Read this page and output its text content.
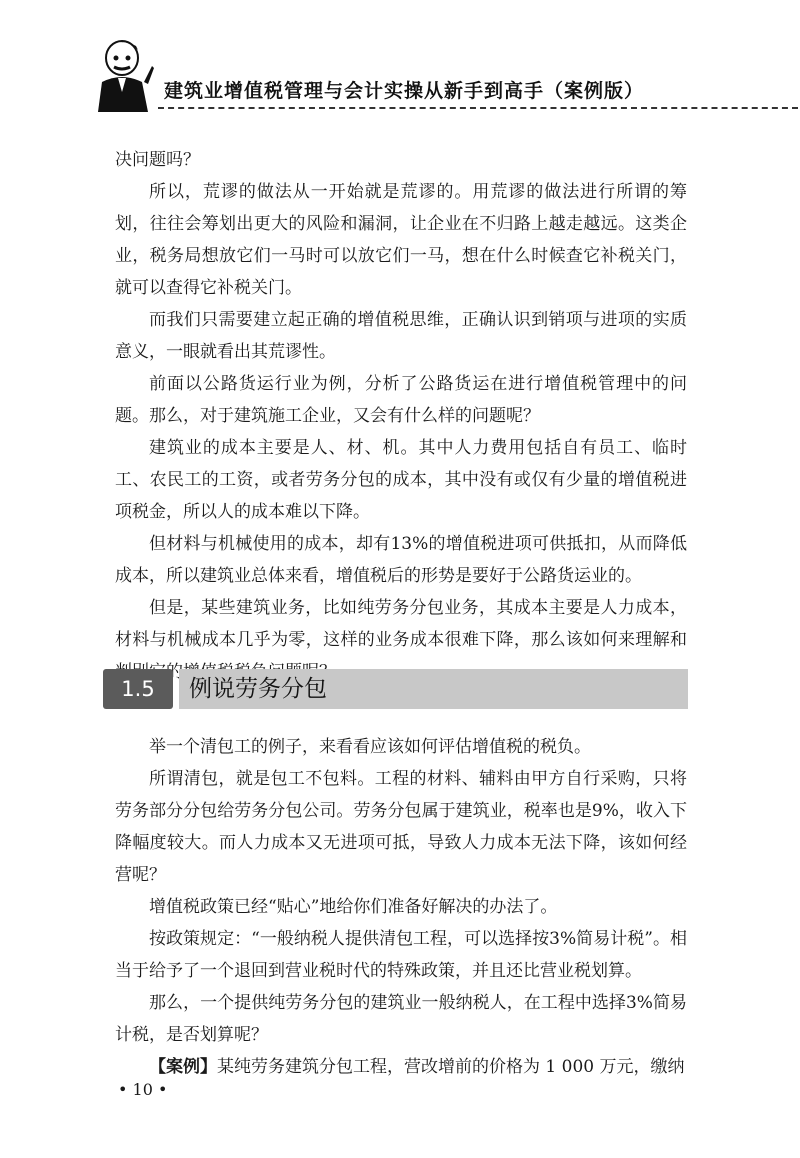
建筑业增值税管理与会计实操从新手到高手（案例版）

决问题吗？

所以，荒谬的做法从一开始就是荒谬的。用荒谬的做法进行所谓的筹划，往往会筹划出更大的风险和漏洞，让企业在不归路上越走越远。这类企业，税务局想放它们一马时可以放它们一马，想在什么时候查它补税关门，就可以查得它补税关门。

而我们只需要建立起正确的增值税思维，正确认识到销项与进项的实质意义，一眼就看出其荒谬性。

前面以公路货运行业为例，分析了公路货运在进行增值税管理中的问题。那么，对于建筑施工企业，又会有什么样的问题呢？

建筑业的成本主要是人、材、机。其中人力费用包括自有员工、临时工、农民工的工资，或者劳务分包的成本，其中没有或仅有少量的增值税进项税金，所以人的成本难以下降。

但材料与机械使用的成本，却有13%的增值税进项可供抵扣，从而降低成本，所以建筑业总体来看，增值税后的形势是要好于公路货运业的。

但是，某些建筑业务，比如纯劳务分包业务，其成本主要是人力成本，材料与机械成本几乎为零，这样的业务成本很难下降，那么该如何来理解和 的

1.5	例说劳务分包

举一个清包工的例子，来看看应该如何评估增值税的税负。

所谓清包，就是包工不包料。工程的材料、辅料由甲方自行采购，只将劳务部分分包给劳务分包公司。劳务分包属于建筑业，税率也是9%，收入下降幅度较大。而人力成本又无进项可抵，导致人力成本无法下降，该如何经营呢？

增值税政策已经“贴心”地给你们准备好解决的办法了。

按政策规定：“一般纳税人提供清包工程，可以选择按3%简易计税”。相当于给予了一个退回到营业税时代的特殊政策，并且还比营业税划算。

那么，一个提供纯劳务分包的建筑业一般纳税人，在工程中选择3%简易计税，是否划算呢？

【案例】某纯劳务建筑分包工程，营改增前的价格为 1 000 万元，缴纳

• 10 •
